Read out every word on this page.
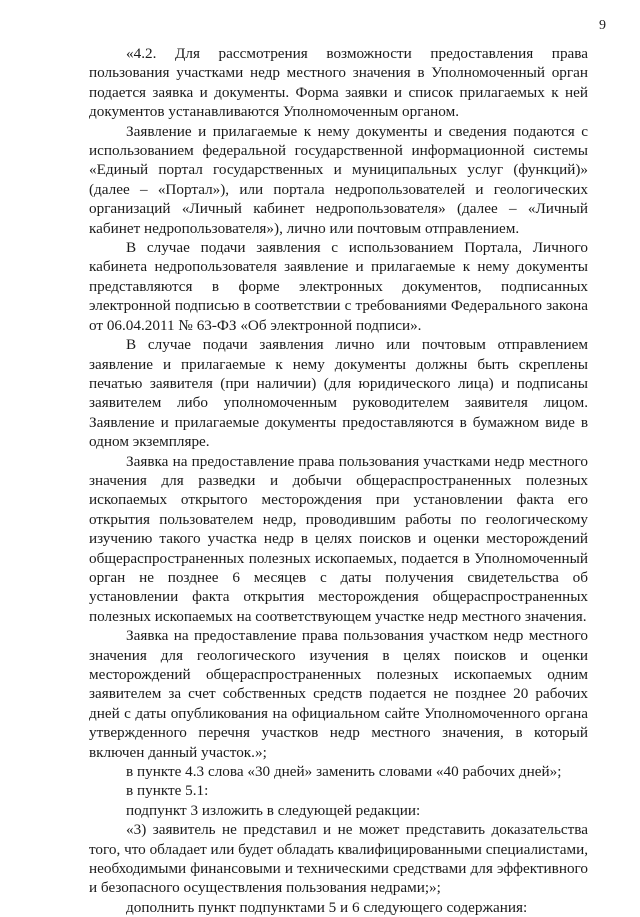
9

«4.2. Для рассмотрения возможности предоставления права пользования участками недр местного значения в Уполномоченный орган подается заявка и документы. Форма заявки и список прилагаемых к ней документов устанавливаются Уполномоченным органом.

Заявление и прилагаемые к нему документы и сведения подаются с использованием федеральной государственной информационной системы «Единый портал государственных и муниципальных услуг (функций)» (далее – «Портал»), или портала недропользователей и геологических организаций «Личный кабинет недропользователя» (далее – «Личный кабинет недропользователя»), лично или почтовым отправлением.

В случае подачи заявления с использованием Портала, Личного кабинета недропользователя заявление и прилагаемые к нему документы представляются в форме электронных документов, подписанных электронной подписью в соответствии с требованиями Федерального закона от 06.04.2011 № 63-ФЗ «Об электронной подписи».

В случае подачи заявления лично или почтовым отправлением заявление и прилагаемые к нему документы должны быть скреплены печатью заявителя (при наличии) (для юридического лица) и подписаны заявителем либо уполномоченным руководителем заявителя лицом. Заявление и прилагаемые документы предоставляются в бумажном виде в одном экземпляре.

Заявка на предоставление права пользования участками недр местного значения для разведки и добычи общераспространенных полезных ископаемых открытого месторождения при установлении факта его открытия пользователем недр, проводившим работы по геологическому изучению такого участка недр в целях поисков и оценки месторождений общераспространенных полезных ископаемых, подается в Уполномоченный орган не позднее 6 месяцев с даты получения свидетельства об установлении факта открытия месторождения общераспространенных полезных ископаемых на соответствующем участке недр местного значения.

Заявка на предоставление права пользования участком недр местного значения для геологического изучения в целях поисков и оценки месторождений общераспространенных полезных ископаемых одним заявителем за счет собственных средств подается не позднее 20 рабочих дней с даты опубликования на официальном сайте Уполномоченного органа утвержденного перечня участков недр местного значения, в который включен данный участок.»;

в пункте 4.3 слова «30 дней» заменить словами «40 рабочих дней»;

в пункте 5.1:

подпункт 3 изложить в следующей редакции:

«3) заявитель не представил и не может представить доказательства того, что обладает или будет обладать квалифицированными специалистами, необходимыми финансовыми и техническими средствами для эффективного и безопасного осуществления пользования недрами;»;

дополнить пункт подпунктами 5 и 6 следующего содержания:
